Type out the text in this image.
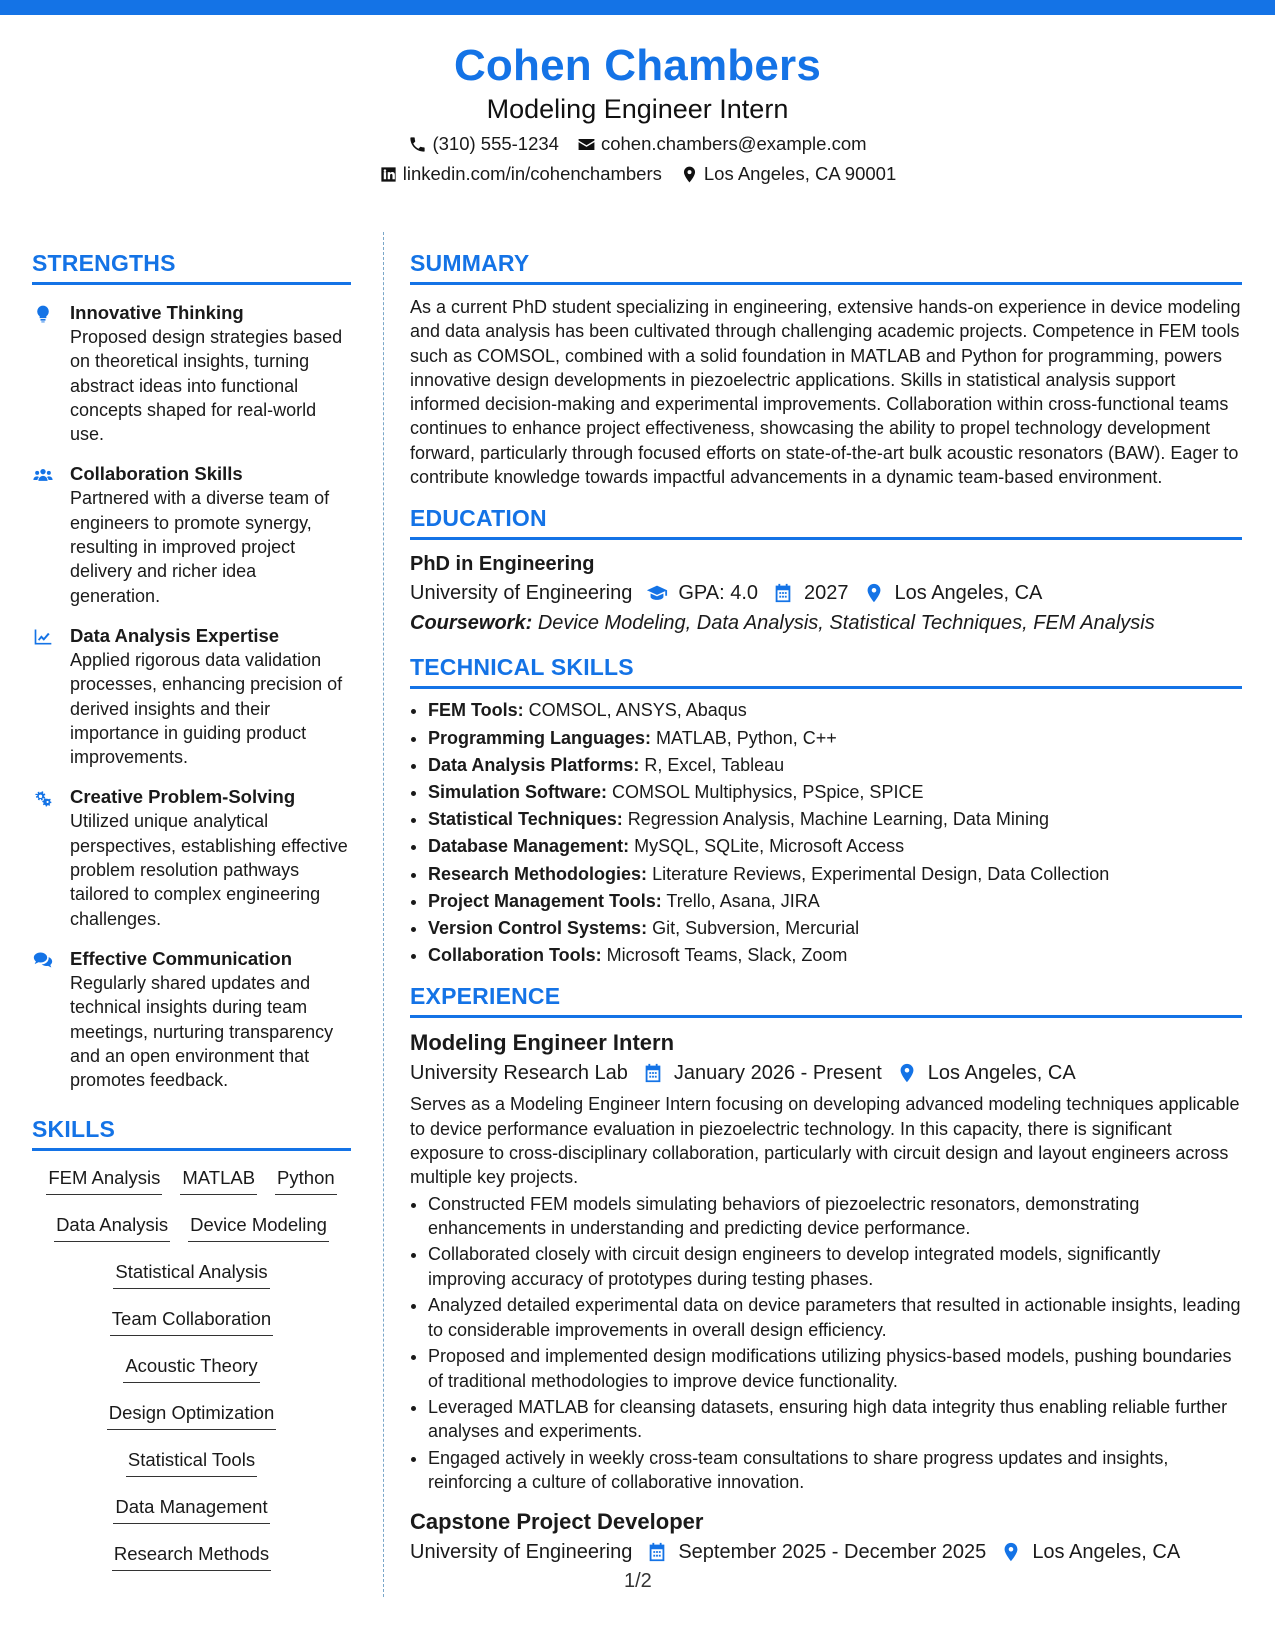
Cohen Chambers
Modeling Engineer Intern
(310) 555-1234 cohen.chambers@example.com
linkedin.com/in/cohenchambers Los Angeles, CA 90001
STRENGTHS
Innovative Thinking
Proposed design strategies based on theoretical insights, turning abstract ideas into functional concepts shaped for real-world use.
Collaboration Skills
Partnered with a diverse team of engineers to promote synergy, resulting in improved project delivery and richer idea generation.
Data Analysis Expertise
Applied rigorous data validation processes, enhancing precision of derived insights and their importance in guiding product improvements.
Creative Problem-Solving
Utilized unique analytical perspectives, establishing effective problem resolution pathways tailored to complex engineering challenges.
Effective Communication
Regularly shared updates and technical insights during team meetings, nurturing transparency and an open environment that promotes feedback.
SKILLS
FEM Analysis MATLAB Python
Data Analysis Device Modeling
Statistical Analysis
Team Collaboration
Acoustic Theory
Design Optimization
Statistical Tools
Data Management
Research Methods
SUMMARY
As a current PhD student specializing in engineering, extensive hands-on experience in device modeling and data analysis has been cultivated through challenging academic projects. Competence in FEM tools such as COMSOL, combined with a solid foundation in MATLAB and Python for programming, powers innovative design developments in piezoelectric applications. Skills in statistical analysis support informed decision-making and experimental improvements. Collaboration within cross-functional teams continues to enhance project effectiveness, showcasing the ability to propel technology development forward, particularly through focused efforts on state-of-the-art bulk acoustic resonators (BAW). Eager to contribute knowledge towards impactful advancements in a dynamic team-based environment.
EDUCATION
PhD in Engineering
University of Engineering GPA: 4.0 2027 Los Angeles, CA
Coursework: Device Modeling, Data Analysis, Statistical Techniques, FEM Analysis
TECHNICAL SKILLS
• FEM Tools: COMSOL, ANSYS, Abaqus
• Programming Languages: MATLAB, Python, C++
• Data Analysis Platforms: R, Excel, Tableau
• Simulation Software: COMSOL Multiphysics, PSpice, SPICE
• Statistical Techniques: Regression Analysis, Machine Learning, Data Mining
• Database Management: MySQL, SQLite, Microsoft Access
• Research Methodologies: Literature Reviews, Experimental Design, Data Collection
• Project Management Tools: Trello, Asana, JIRA
• Version Control Systems: Git, Subversion, Mercurial
• Collaboration Tools: Microsoft Teams, Slack, Zoom
EXPERIENCE
Modeling Engineer Intern
University Research Lab January 2026 - Present Los Angeles, CA
Serves as a Modeling Engineer Intern focusing on developing advanced modeling techniques applicable to device performance evaluation in piezoelectric technology. In this capacity, there is significant exposure to cross-disciplinary collaboration, particularly with circuit design and layout engineers across multiple key projects.
• Constructed FEM models simulating behaviors of piezoelectric resonators, demonstrating enhancements in understanding and predicting device performance.
• Collaborated closely with circuit design engineers to develop integrated models, significantly improving accuracy of prototypes during testing phases.
• Analyzed detailed experimental data on device parameters that resulted in actionable insights, leading to considerable improvements in overall design efficiency.
• Proposed and implemented design modifications utilizing physics-based models, pushing boundaries of traditional methodologies to improve device functionality.
• Leveraged MATLAB for cleansing datasets, ensuring high data integrity thus enabling reliable further analyses and experiments.
• Engaged actively in weekly cross-team consultations to share progress updates and insights, reinforcing a culture of collaborative innovation.
Capstone Project Developer
University of Engineering September 2025 - December 2025 Los Angeles, CA
1/2
